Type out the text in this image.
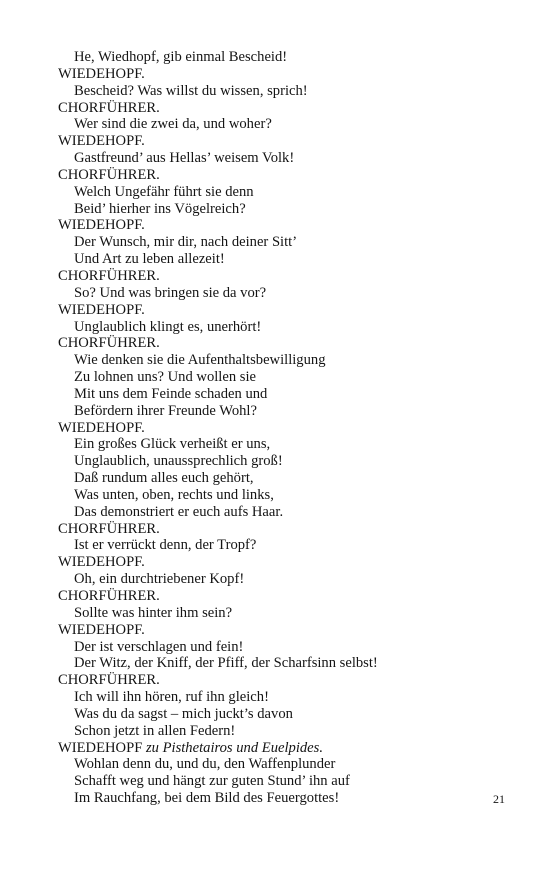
He, Wiedhopf, gib einmal Bescheid!
WIEDEHOPF.
Bescheid? Was willst du wissen, sprich!
CHORFÜHRER.
Wer sind die zwei da, und woher?
WIEDEHOPF.
Gastfreund’ aus Hellas’ weisem Volk!
CHORFÜHRER.
Welch Ungefähr führt sie denn
Beid’ hierher ins Vögelreich?
WIEDEHOPF.
Der Wunsch, mir dir, nach deiner Sitt’
Und Art zu leben allezeit!
CHORFÜHRER.
So? Und was bringen sie da vor?
WIEDEHOPF.
Unglaublich klingt es, unerhört!
CHORFÜHRER.
Wie denken sie die Aufenthaltsbewilligung
Zu lohnen uns? Und wollen sie
Mit uns dem Feinde schaden und
Befördern ihrer Freunde Wohl?
WIEDEHOPF.
Ein großes Glück verheißt er uns,
Unglaublich, unaussprechlich groß!
Daß rundum alles euch gehört,
Was unten, oben, rechts und links,
Das demonstriert er euch aufs Haar.
CHORFÜHRER.
Ist er verrückt denn, der Tropf?
WIEDEHOPF.
Oh, ein durchtriebener Kopf!
CHORFÜHRER.
Sollte was hinter ihm sein?
WIEDEHOPF.
Der ist verschlagen und fein!
Der Witz, der Kniff, der Pfiff, der Scharfsinn selbst!
CHORFÜHRER.
Ich will ihn hören, ruf ihn gleich!
Was du da sagst – mich juckt’s davon
Schon jetzt in allen Federn!
WIEDEHOPF zu Pisthetairos und Euelpides.
Wohlan denn du, und du, den Waffenplunder
Schafft weg und hängt zur guten Stund’ ihn auf
Im Rauchfang, bei dem Bild des Feuergottes!	21
